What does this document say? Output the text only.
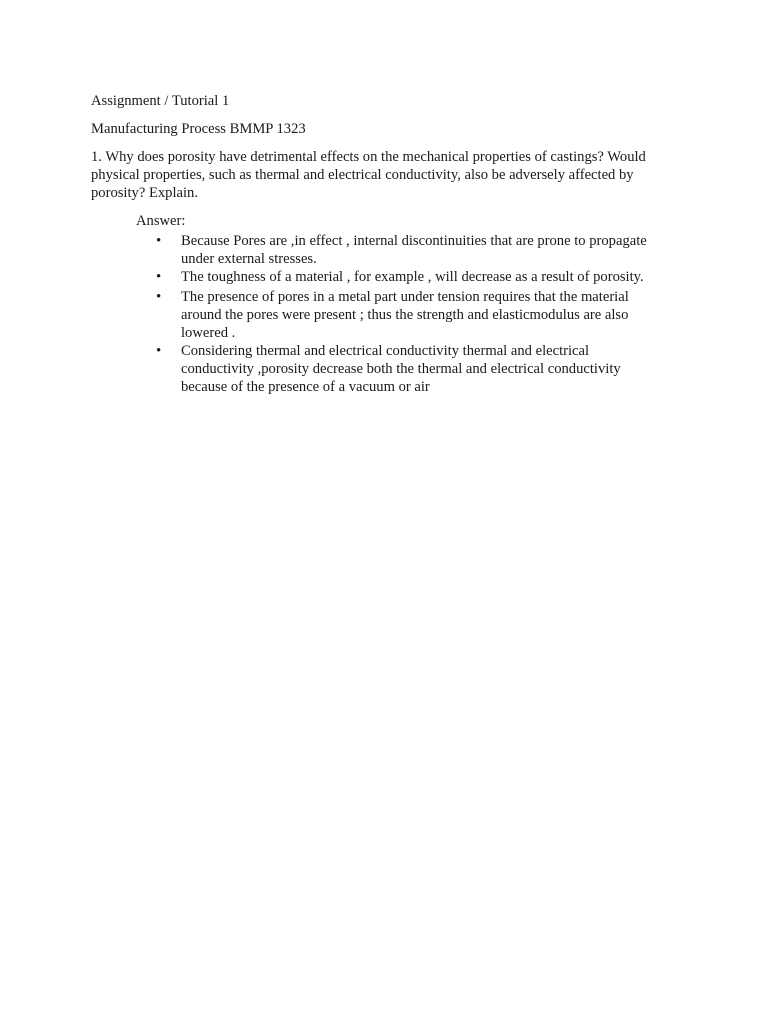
Assignment / Tutorial 1
Manufacturing Process BMMP 1323
1. Why does porosity have detrimental effects on the mechanical properties of castings? Would
physical properties, such as thermal and electrical conductivity, also be adversely affected by
porosity? Explain.
Answer:
• Because Pores are ,in effect , internal discontinuities that are prone to propagate
under external stresses.
• The toughness of a material , for example , will decrease as a result of porosity.
• The presence of pores in a metal part under tension requires that the material
around the pores were present ; thus the strength and elasticmodulus are also
lowered .
• Considering thermal and electrical conductivity thermal and electrical
conductivity ,porosity decrease both the thermal and electrical conductivity
because of the presence of a vacuum or air
